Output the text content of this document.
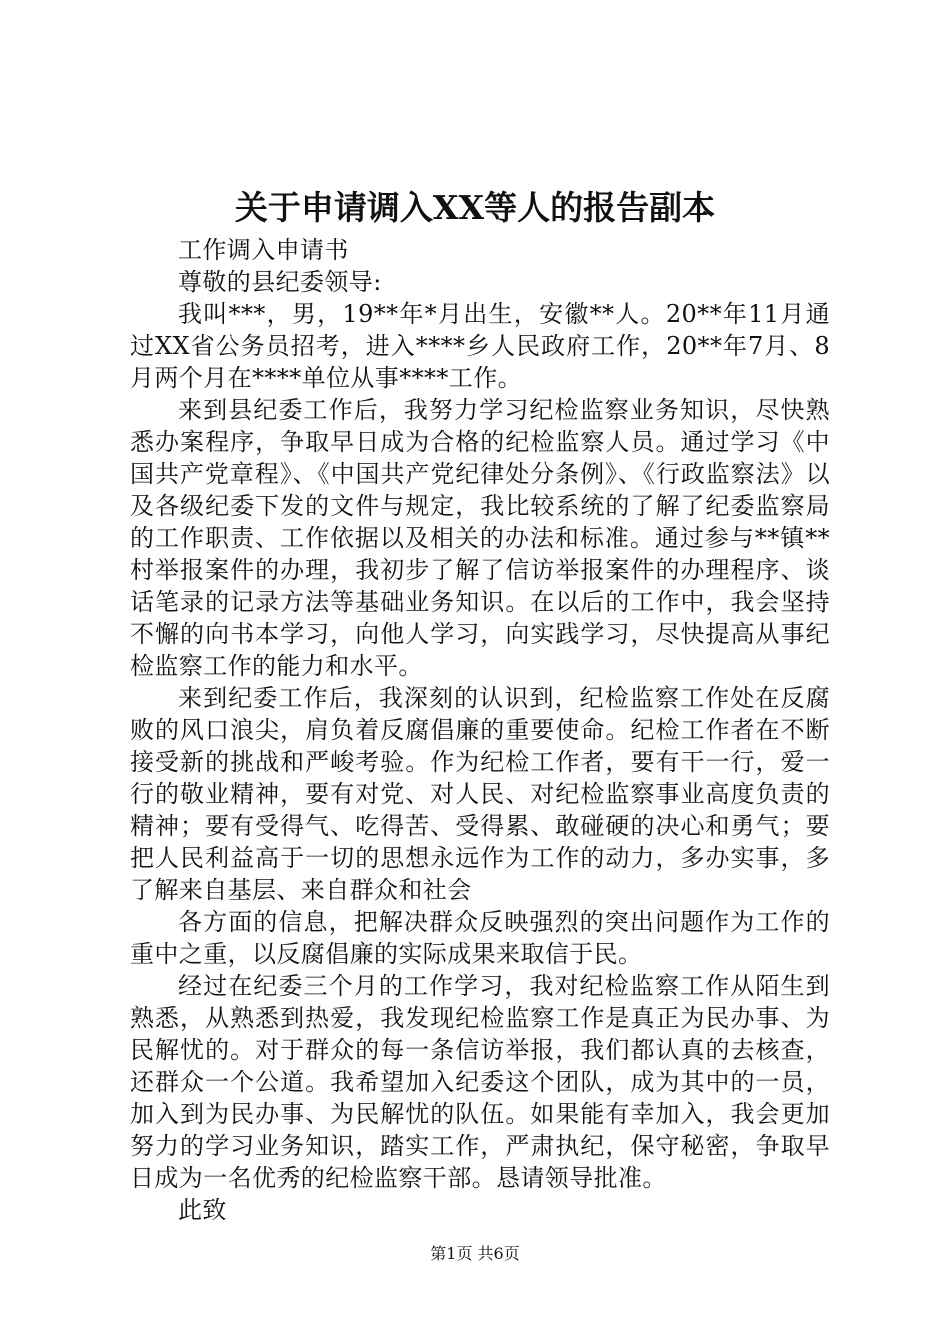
关于申请调入XX等人的报告副本

工作调入申请书

尊敬的县纪委领导:

我叫***，男，19**年*月出生，安徽**人。20**年11月通过XX省公务员招考，进入****乡人民政府工作，20**年7月、8月两个月在****单位从事****工作。

来到县纪委工作后，我努力学习纪检监察业务知识，尽快熟悉办案程序，争取早日成为合格的纪检监察人员。通过学习《中国共产党章程》、《中国共产党纪律处分条例》、《行政监察法》以及各级纪委下发的文件与规定，我比较系统的了解了纪委监察局的工作职责、工作依据以及相关的办法和标准。通过参与**镇**村举报案件的办理，我初步了解了信访举报案件的办理程序、谈话笔录的记录方法等基础业务知识。在以后的工作中，我会坚持不懈的向书本学习，向他人学习，向实践学习，尽快提高从事纪检监察工作的能力和水平。

来到纪委工作后，我深刻的认识到，纪检监察工作处在反腐败的风口浪尖，肩负着反腐倡廉的重要使命。纪检工作者在不断接受新的挑战和严峻考验。作为纪检工作者，要有干一行，爱一行的敬业精神，要有对党、对人民、对纪检监察事业高度负责的精神；要有受得气、吃得苦、受得累、敢碰硬的决心和勇气；要把人民利益高于一切的思想永远作为工作的动力，多办实事，多了解来自基层、来自群众和社会

各方面的信息，把解决群众反映强烈的突出问题作为工作的重中之重，以反腐倡廉的实际成果来取信于民。

经过在纪委三个月的工作学习，我对纪检监察工作从陌生到熟悉，从熟悉到热爱，我发现纪检监察工作是真正为民办事、为民解忧的。对于群众的每一条信访举报，我们都认真的去核查，还群众一个公道。我希望加入纪委这个团队，成为其中的一员，加入到为民办事、为民解忧的队伍。如果能有幸加入，我会更加努力的学习业务知识，踏实工作，严肃执纪，保守秘密，争取早日成为一名优秀的纪检监察干部。恳请领导批准。

此致

第1页 共6页
